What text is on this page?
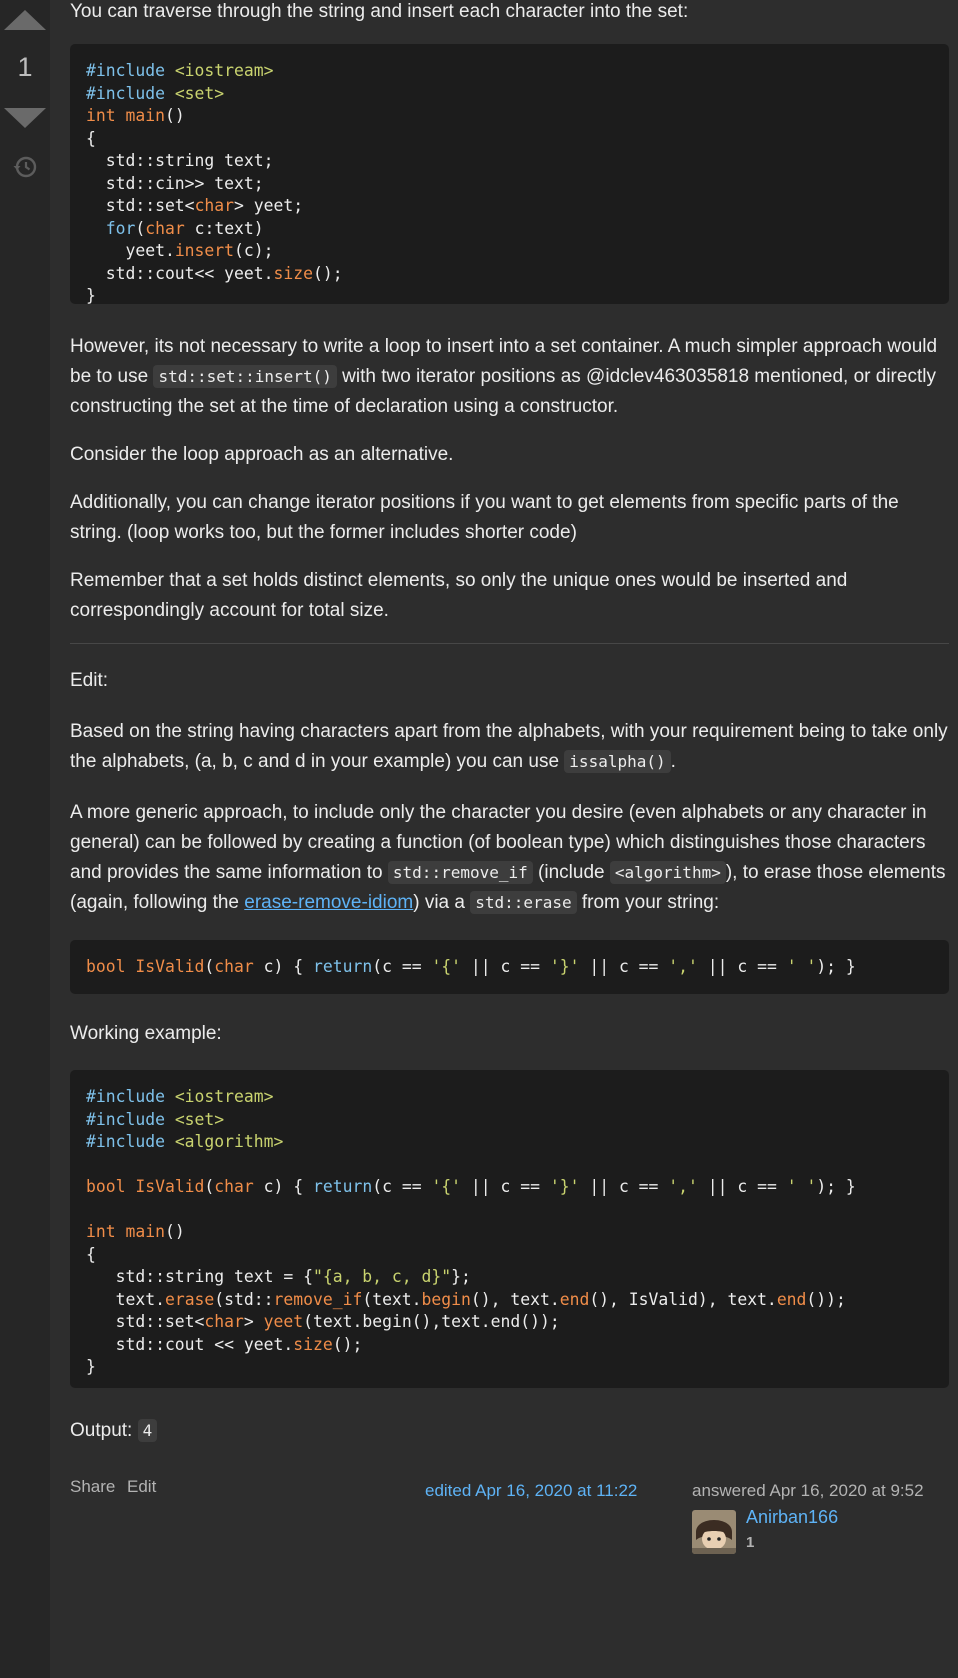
1

You can traverse through the string and insert each character into the set:

#include <iostream>
#include <set>
int main()
{
std::string text;
std::cin>> text;
std::set<char> yeet;
for(char c:text)
yeet.insert(c);
std::cout<< yeet.size();
}

However, its not necessary to write a loop to insert into a set container. A much simpler approach would be to use std::set::insert() with two iterator positions as @idclev463035818 mentioned, or directly constructing the set at the time of declaration using a constructor.

Consider the loop approach as an alternative.

Additionally, you can change iterator positions if you want to get elements from specific parts of the string. (loop works too, but the former includes shorter code)

Remember that a set holds distinct elements, so only the unique ones would be inserted and correspondingly account for total size.

Edit:

Based on the string having characters apart from the alphabets, with your requirement being to take only the alphabets, (a, b, c and d in your example) you can use issalpha() .

A more generic approach, to include only the character you desire (even alphabets or any character in general) can be followed by creating a function (of boolean type) which distinguishes those characters and provides the same information to std::remove_if (include <algorithm> ), to erase those elements (again, following the erase-remove-idiom) via a std::erase from your string:

bool IsValid(char c) { return(c == '{' || c == '}' || c == ',' || c == ' '); }

Working example:

#include <iostream>
#include <set>
#include <algorithm>

bool IsValid(char c) { return(c == '{' || c == '}' || c == ',' || c == ' '); }

int main()
{
std::string text = {"{a, b, c, d}"};
text.erase(std::remove_if(text.begin(), text.end(), IsValid), text.end());
std::set<char> yeet(text.begin(),text.end());
std::cout << yeet.size();
}

Output: 4

Share Edit	edited Apr 16, 2020 at 11:22	answered Apr 16, 2020 at 9:52
Anirban166
1
